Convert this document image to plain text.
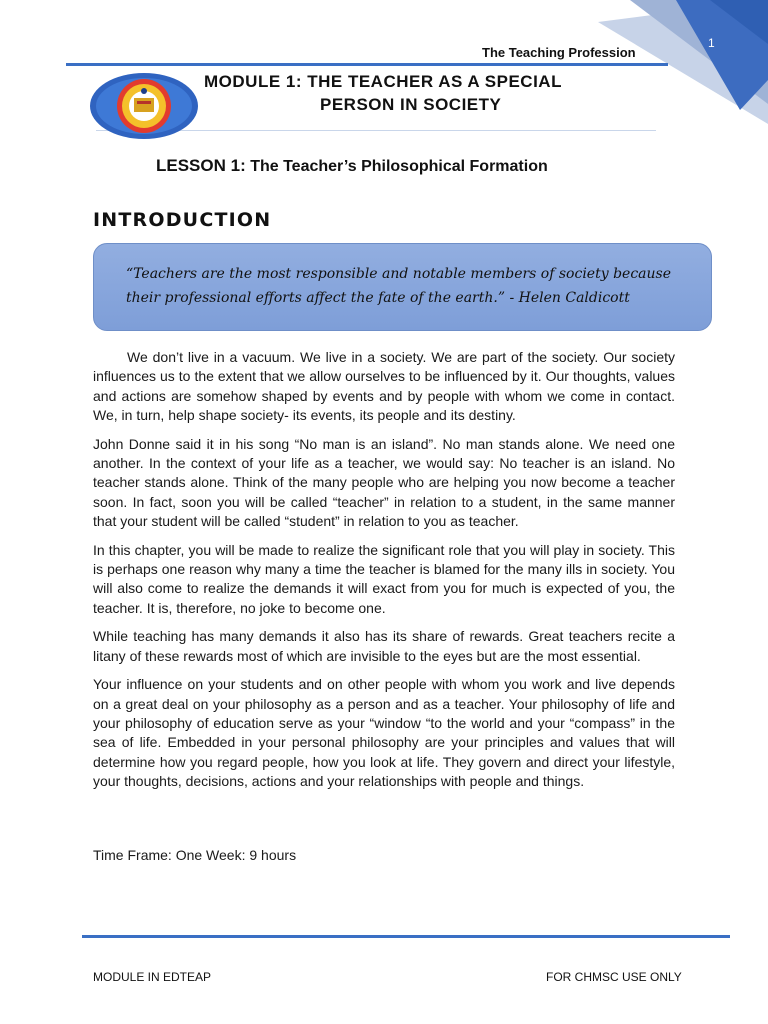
1
The Teaching Profession
MODULE 1: THE TEACHER AS A SPECIAL
PERSON IN SOCIETY
LESSON 1: The Teacher’s Philosophical Formation
INTRODUCTION
“Teachers are the most responsible and notable members of society because their professional efforts affect the fate of the earth.” - Helen Caldicott

We don’t live in a vacuum. We live in a society. We are part of the society. Our society influences us to the extent that we allow ourselves to be influenced by it. Our thoughts, values and actions are somehow shaped by events and by people with whom we come in contact. We, in turn, help shape society- its events, its people and its destiny.

John Donne said it in his song “No man is an island”. No man stands alone. We need one another. In the context of your life as a teacher, we would say: No teacher is an island. No teacher stands alone. Think of the many people who are helping you now become a teacher soon. In fact, soon you will be called “teacher” in relation to a student, in the same manner that your student will be called “student” in relation to you as teacher.

In this chapter, you will be made to realize the significant role that you will play in society. This is perhaps one reason why many a time the teacher is blamed for the many ills in society. You will also come to realize the demands it will exact from you for much is expected of you, the teacher. It is, therefore, no joke to become one.

While teaching has many demands it also has its share of rewards. Great teachers recite a litany of these rewards most of which are invisible to the eyes but are the most essential.

Your influence on your students and on other people with whom you work and live depends on a great deal on your philosophy as a person and as a teacher. Your philosophy of life and your philosophy of education serve as your “window “to the world and your “compass” in the sea of life. Embedded in your personal philosophy are your principles and values that will determine how you regard people, how you look at life. They govern and direct your lifestyle, your thoughts, decisions, actions and your relationships with people and things.

Time Frame: One Week: 9 hours
MODULE IN EDTEAP	FOR CHMSC USE ONLY
